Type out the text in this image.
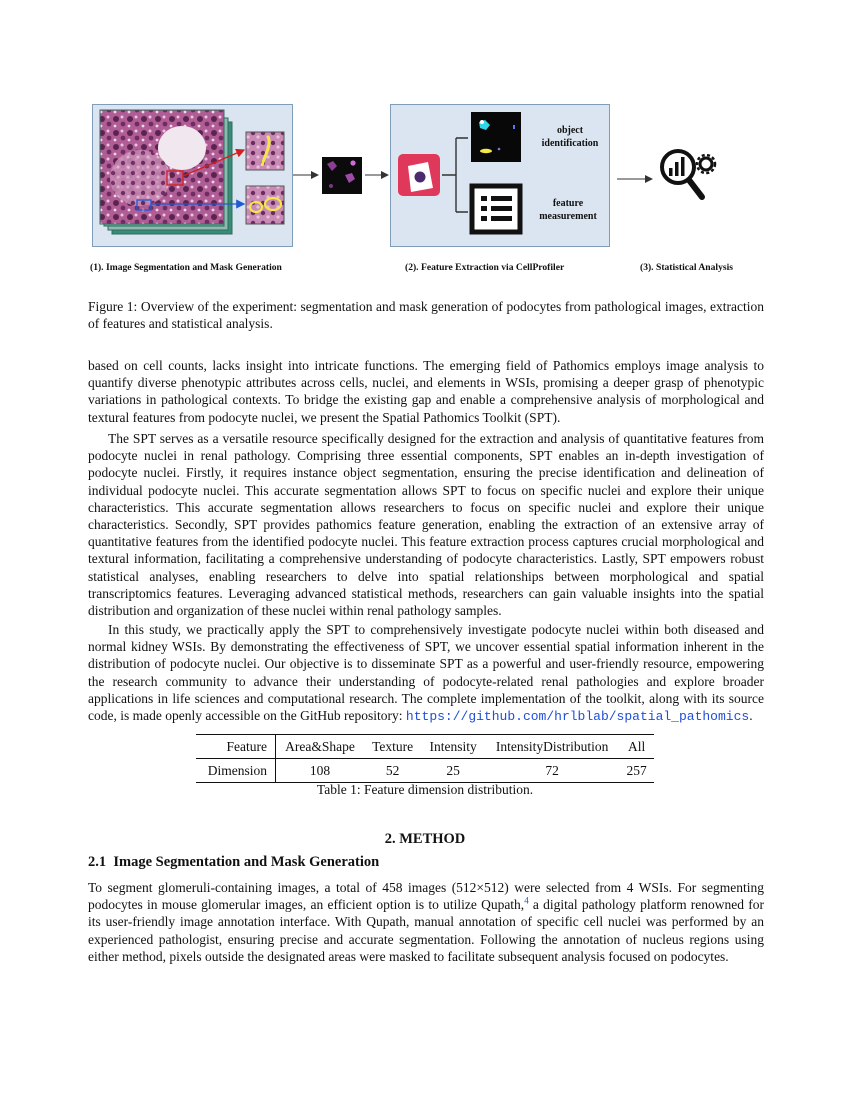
object identification
feature measurement
(1). Image Segmentation and Mask Generation	(2). Feature Extraction via CellProfiler	(3). Statistical Analysis
Figure 1: Overview of the experiment: segmentation and mask generation of podocytes from pathological images, extraction of features and statistical analysis.

based on cell counts, lacks insight into intricate functions. The emerging field of Pathomics employs image analysis to quantify diverse phenotypic attributes across cells, nuclei, and elements in WSIs, promising a deeper grasp of phenotypic variations in pathological contexts. To bridge the existing gap and enable a comprehensive analysis of morphological and textural features from podocyte nuclei, we present the Spatial Pathomics Toolkit (SPT).

The SPT serves as a versatile resource specifically designed for the extraction and analysis of quantitative features from podocyte nuclei in renal pathology. Comprising three essential components, SPT enables an in-depth investigation of podocyte nuclei. Firstly, it requires instance object segmentation, ensuring the precise identification and delineation of individual podocyte nuclei. This accurate segmentation allows SPT to focus on specific nuclei and explore their unique characteristics. This accurate segmentation allows researchers to focus on specific nuclei and explore their unique characteristics. Secondly, SPT provides pathomics feature generation, enabling the extraction of an extensive array of quantitative features from the identified podocyte nuclei. This feature extraction process captures crucial morphological and textural information, facilitating a comprehensive understanding of podocyte characteristics. Lastly, SPT empowers robust statistical analyses, enabling researchers to delve into spatial relationships between morphological and spatial transcriptomics features. Leveraging advanced statistical methods, researchers can gain valuable insights into the spatial distribution and organization of these nuclei within renal pathology samples.

In this study, we practically apply the SPT to comprehensively investigate podocyte nuclei within both diseased and normal kidney WSIs. By demonstrating the effectiveness of SPT, we uncover essential spatial information inherent in the distribution of podocyte nuclei. Our objective is to disseminate SPT as a powerful and user-friendly resource, empowering the research community to advance their understanding of podocyte-related renal pathologies and explore broader applications in life sciences and computational research. The complete implementation of the toolkit, along with its source code, is made openly accessible on the GitHub repository: https://github.com/hrlblab/spatial_pathomics.

Feature	Area&Shape	Texture	Intensity	IntensityDistribution	All
Dimension	108	52	25	72	257
Table 1: Feature dimension distribution.
2. METHOD
2.1 Image Segmentation and Mask Generation

To segment glomeruli-containing images, a total of 458 images (512×512) were selected from 4 WSIs. For segmenting podocytes in mouse glomerular images, an efficient option is to utilize Qupath,$^4$ a digital pathology platform renowned for its user-friendly image annotation interface. With Qupath, manual annotation of specific cell nuclei was performed by an experienced pathologist, ensuring precise and accurate segmentation. Following the annotation of nucleus regions using either method, pixels outside the designated areas were masked to facilitate subsequent analysis focused on podocytes.
